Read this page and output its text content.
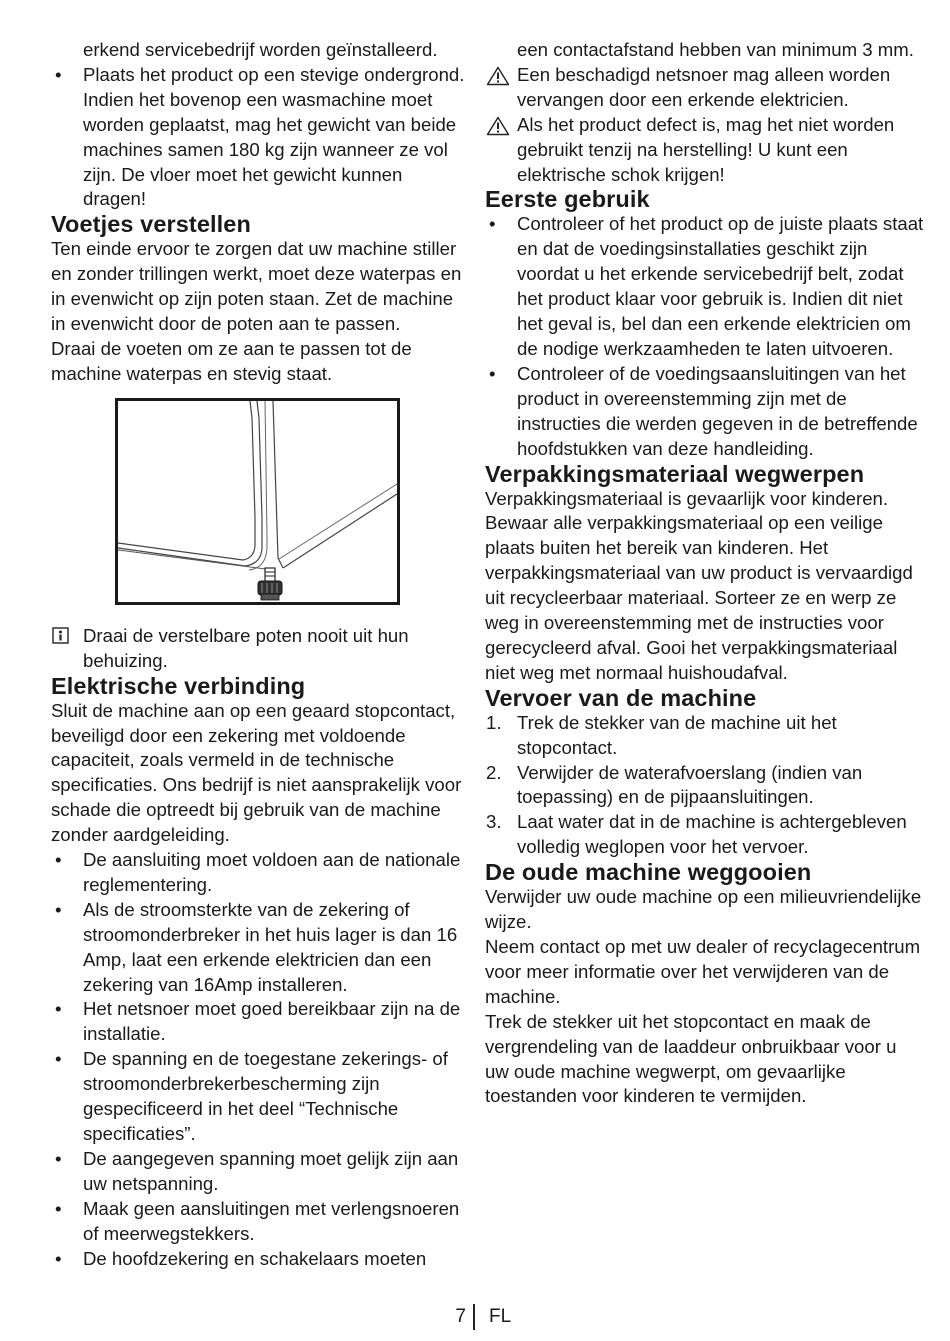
erkend servicebedrijf worden geïnstalleerd.

• Plaats het product op een stevige ondergrond. Indien het bovenop een wasmachine moet worden geplaatst, mag het gewicht van beide machines samen 180 kg zijn wanneer ze vol zijn. De vloer moet het gewicht kunnen dragen!
Voetjes verstellen

Ten einde ervoor te zorgen dat uw machine stiller en zonder trillingen werkt, moet deze waterpas en in evenwicht op zijn poten staan. Zet de machine in evenwicht door de poten aan te passen.

Draai de voeten om ze aan te passen tot de machine waterpas en stevig staat.

Draai de verstelbare poten nooit uit hun behuizing.
Elektrische verbinding

Sluit de machine aan op een geaard stopcontact, beveiligd door een zekering met voldoende capaciteit, zoals vermeld in de technische specificaties. Ons bedrijf is niet aansprakelijk voor schade die optreedt bij gebruik van de machine zonder aardgeleiding.

• De aansluiting moet voldoen aan de nationale reglementering.
• Als de stroomsterkte van de zekering of stroomonderbreker in het huis lager is dan 16 Amp, laat een erkende elektricien dan een zekering van 16Amp installeren.
• Het netsnoer moet goed bereikbaar zijn na de installatie.
• De spanning en de toegestane zekerings- of stroomonderbrekerbescherming zijn gespecificeerd in het deel “Technische specificaties”.
• De aangegeven spanning moet gelijk zijn aan uw netspanning.
• Maak geen aansluitingen met verlengsnoeren of meerwegstekkers.
• De hoofdzekering en schakelaars moeten

een contactafstand hebben van minimum 3 mm.

Een beschadigd netsnoer mag alleen worden vervangen door een erkende elektricien.
Als het product defect is, mag het niet worden gebruikt tenzij na herstelling! U kunt een elektrische schok krijgen!
Eerste gebruik
• Controleer of het product op de juiste plaats staat en dat de voedingsinstallaties geschikt zijn voordat u het erkende servicebedrijf belt, zodat het product klaar voor gebruik is. Indien dit niet het geval is, bel dan een erkende elektricien om de nodige werkzaamheden te laten uitvoeren.
• Controleer of de voedingsaansluitingen van het product in overeenstemming zijn met de instructies die werden gegeven in de betreffende hoofdstukken van deze handleiding.
Verpakkingsmateriaal wegwerpen

Verpakkingsmateriaal is gevaarlijk voor kinderen. Bewaar alle verpakkingsmateriaal op een veilige plaats buiten het bereik van kinderen. Het verpakkingsmateriaal van uw product is vervaardigd uit recycleerbaar materiaal. Sorteer ze en werp ze weg in overeenstemming met de instructies voor gerecycleerd afval. Gooi het verpakkingsmateriaal niet weg met normaal huishoudafval.

Vervoer van de machine
1. Trek de stekker van de machine uit het stopcontact.
2. Verwijder de waterafvoerslang (indien van toepassing) en de pijpaansluitingen.
3. Laat water dat in de machine is achtergebleven volledig weglopen voor het vervoer.
De oude machine weggooien

Verwijder uw oude machine op een milieuvriendelijke wijze.

Neem contact op met uw dealer of recyclagecentrum voor meer informatie over het verwijderen van de machine.

Trek de stekker uit het stopcontact en maak de vergrendeling van de laaddeur onbruikbaar voor u uw oude machine wegwerpt, om gevaarlijke toestanden voor kinderen te vermijden.

7 FL
